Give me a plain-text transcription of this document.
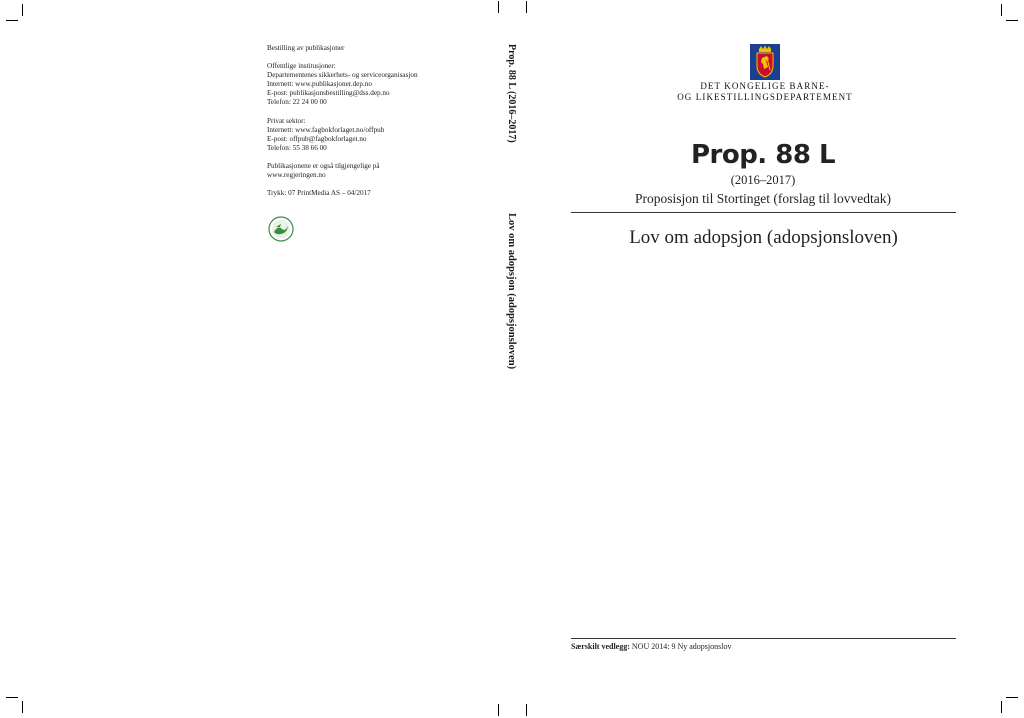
Bestilling av publikasjoner
Offentlige institusjoner:
Departementenes sikkerhets- og serviceorganisasjon
Internett: www.publikasjoner.dep.no
E-post: publikasjonsbestilling@dss.dep.no
Telefon: 22 24 00 00
Privat sektor:
Internett: www.fagbokforlaget.no/offpub
E-post: offpub@fagbokforlaget.no
Telefon: 55 38 66 00
Publikasjonene er også tilgjengelige på
www.regjeringen.no
Trykk: 07 PrintMedia AS – 04/2017
Prop. 88 L (2016–2017)
Lov om adopsjon (adopsjonsloven)
DET KONGELIGE BARNE-
OG LIKESTILLINGSDEPARTEMENT
Prop. 88 L
(2016–2017)
Proposisjon til Stortinget (forslag til lovvedtak)
Lov om adopsjon (adopsjonsloven)
Særskilt vedlegg: NOU 2014: 9 Ny adopsjonslov
